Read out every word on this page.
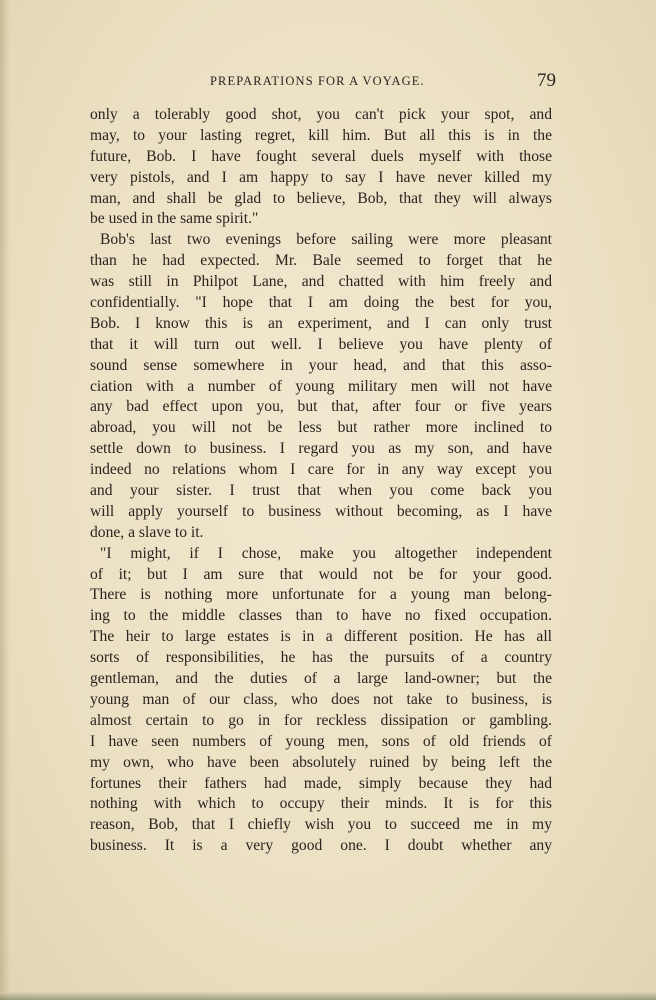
PREPARATIONS FOR A VOYAGE.	79
only a tolerably good shot, you can't pick your spot, and
may, to your lasting regret, kill him. But all this is in the
future, Bob. I have fought several duels myself with those
very pistols, and I am happy to say I have never killed my
man, and shall be glad to believe, Bob, that they will always
be used in the same spirit."
Bob's last two evenings before sailing were more pleasant
than he had expected. Mr. Bale seemed to forget that he
was still in Philpot Lane, and chatted with him freely and
confidentially. "I hope that I am doing the best for you,
Bob. I know this is an experiment, and I can only trust
that it will turn out well. I believe you have plenty of
sound sense somewhere in your head, and that this asso-
ciation with a number of young military men will not have
any bad effect upon you, but that, after four or five years
abroad, you will not be less but rather more inclined to
settle down to business. I regard you as my son, and have
indeed no relations whom I care for in any way except you
and your sister. I trust that when you come back you
will apply yourself to business without becoming, as I have
done, a slave to it.
"I might, if I chose, make you altogether independent
of it; but I am sure that would not be for your good.
There is nothing more unfortunate for a young man belong-
ing to the middle classes than to have no fixed occupation.
The heir to large estates is in a different position. He has all
sorts of responsibilities, he has the pursuits of a country
gentleman, and the duties of a large land-owner; but the
young man of our class, who does not take to business, is
almost certain to go in for reckless dissipation or gambling.
I have seen numbers of young men, sons of old friends of
my own, who have been absolutely ruined by being left the
fortunes their fathers had made, simply because they had
nothing with which to occupy their minds. It is for this
reason, Bob, that I chiefly wish you to succeed me in my
business. It is a very good one. I doubt whether any
